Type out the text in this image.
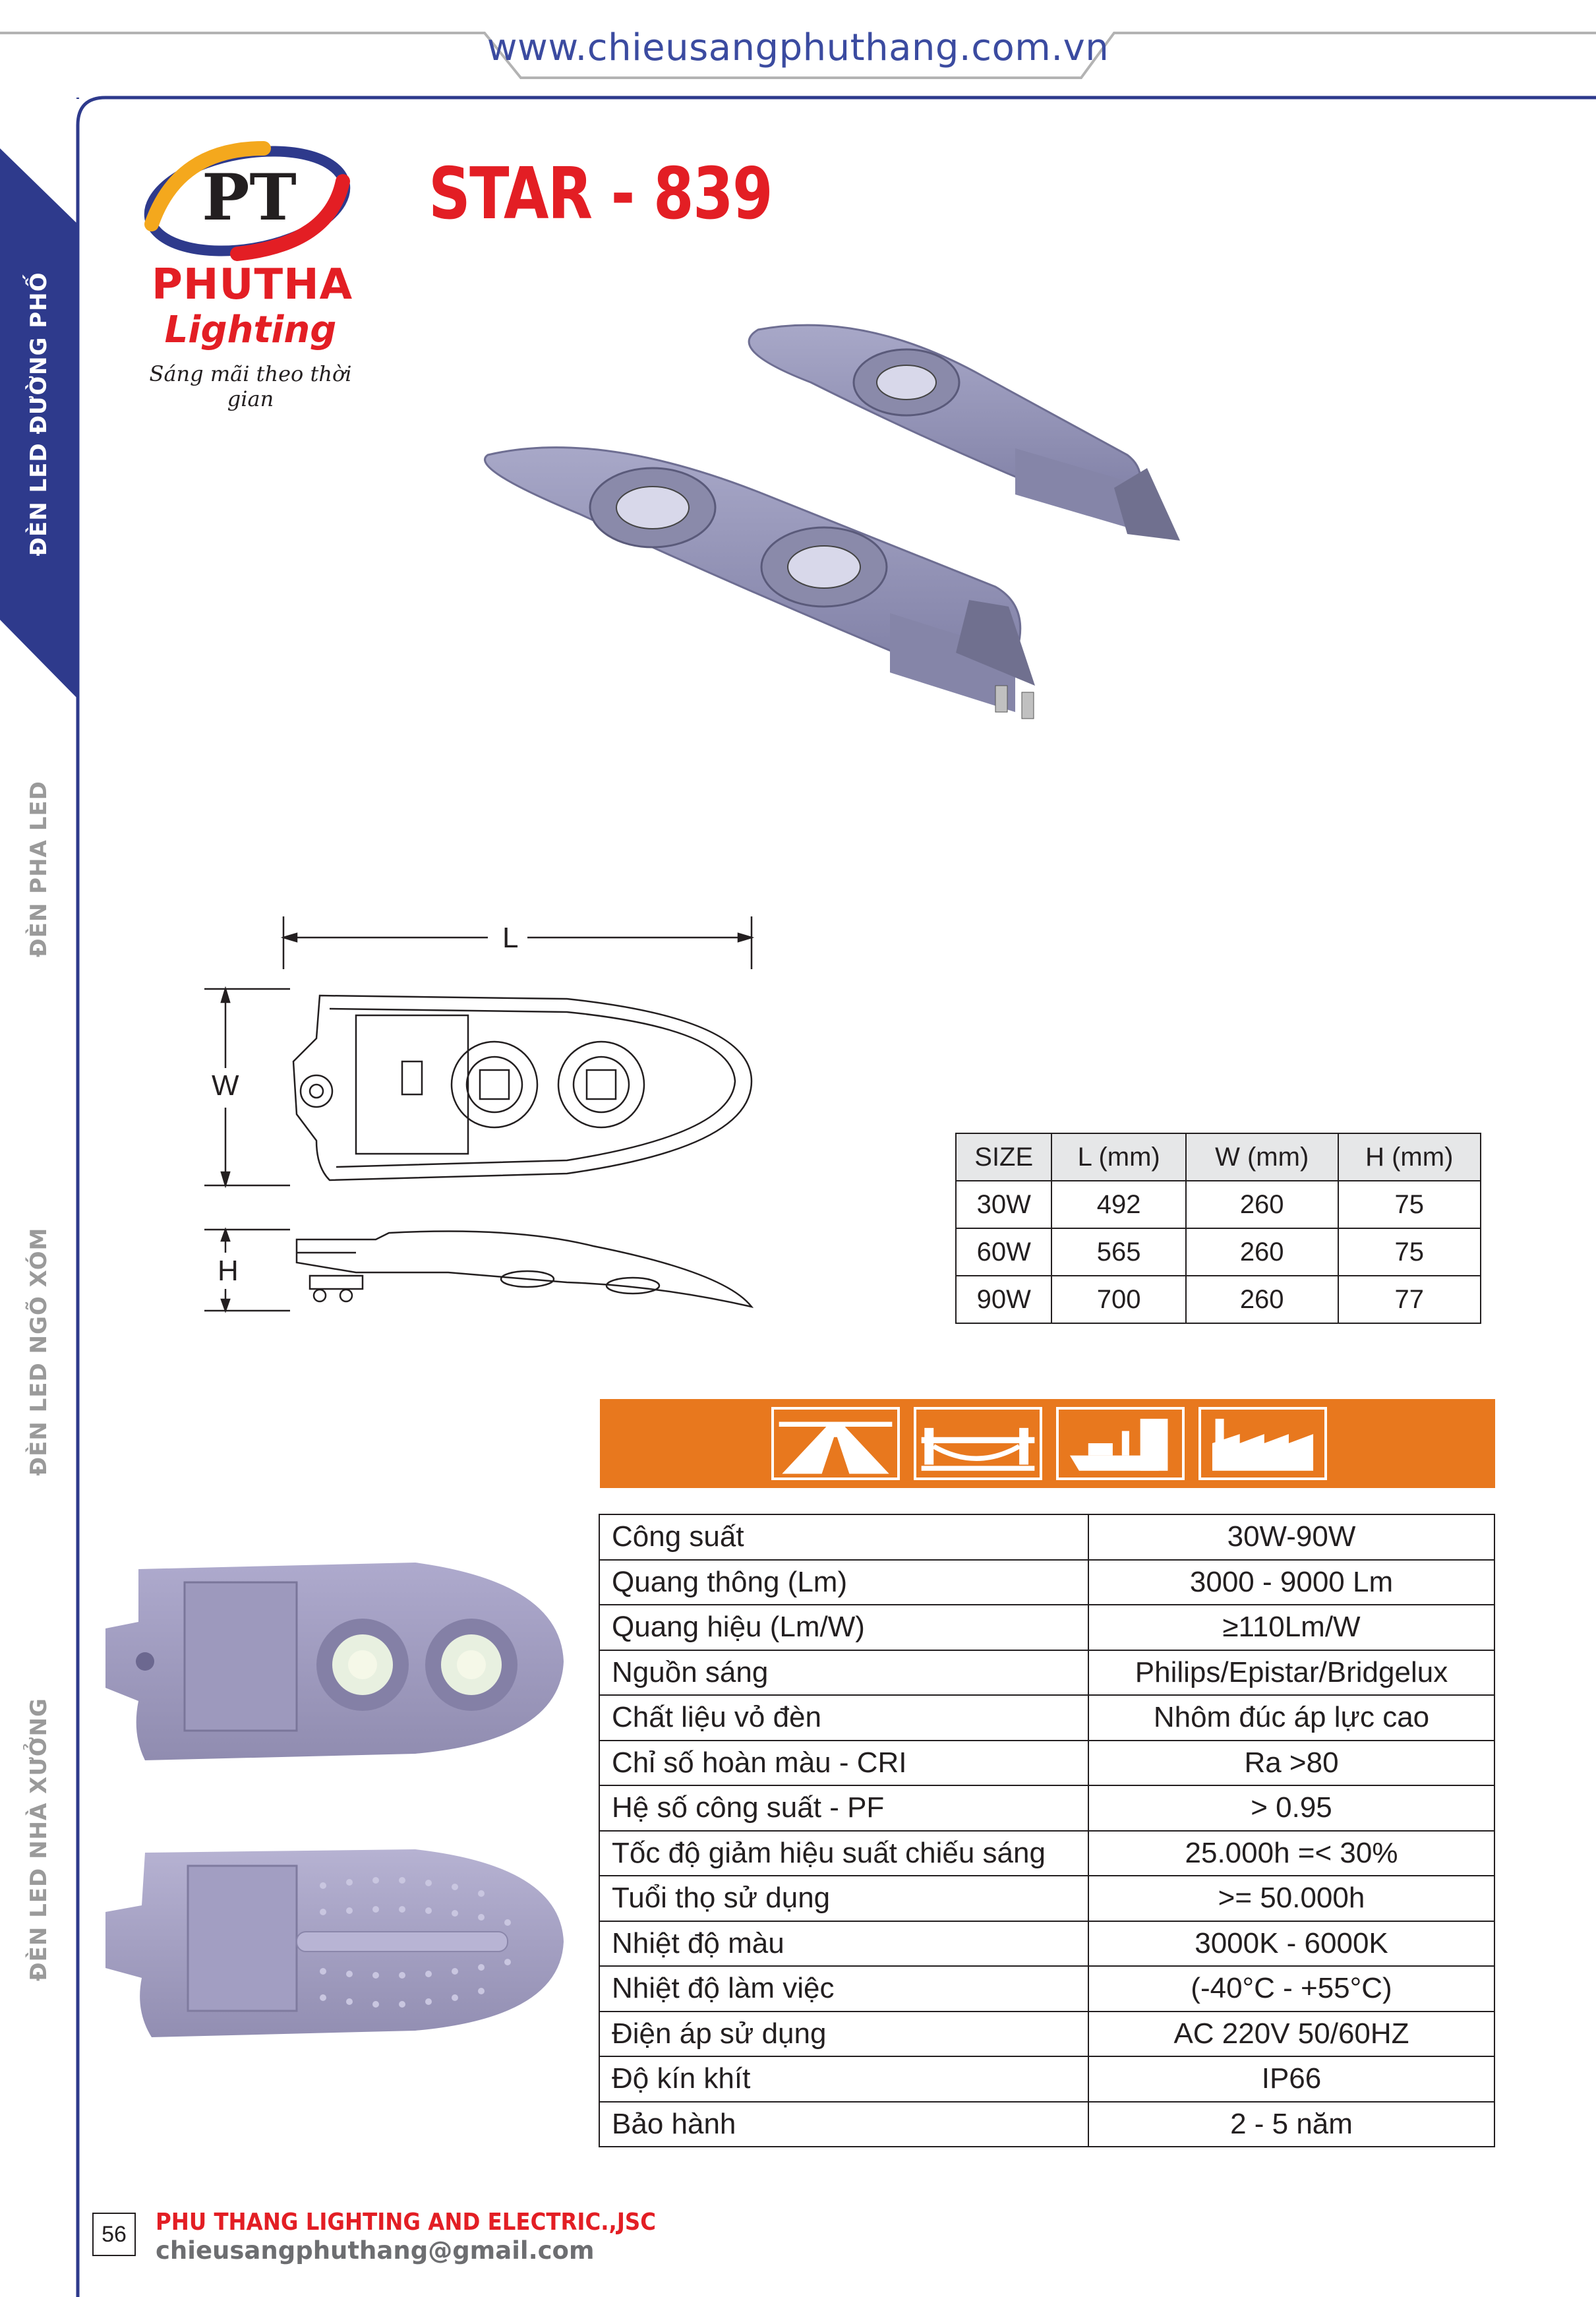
www.chieusangphuthang.com.vn
ĐÈN LED ĐƯỜNG PHỐ
ĐÈN PHA LED
ĐÈN LED NGÕ XÓM
ĐÈN LED NHÀ XƯỞNG
PT
PHUTHA
Lighting
Sáng mãi theo thời gian
STAR - 839
L
W
H
SIZE	L (mm)	W (mm)	H (mm)
30W	492	260	75
60W	565	260	75
90W	700	260	77
Công suất	30W-90W
Quang thông (Lm)	3000 - 9000 Lm
Quang hiệu (Lm/W)	≥110Lm/W
Nguồn sáng	Philips/Epistar/Bridgelux
Chất liệu vỏ đèn	Nhôm đúc áp lực cao
Chỉ số hoàn màu - CRI	Ra >80
Hệ số công suất - PF	> 0.95
Tốc độ giảm hiệu suất chiếu sáng	25.000h =< 30%
Tuổi thọ sử dụng	>= 50.000h
Nhiệt độ màu	3000K - 6000K
Nhiệt độ làm việc	(-40°C - +55°C)
Điện áp sử dụng	AC 220V 50/60HZ
Độ kín khít	IP66
Bảo hành	2 - 5 năm
56	PHU THANG LIGHTING AND ELECTRIC.,JSC
chieusangphuthang@gmail.com
